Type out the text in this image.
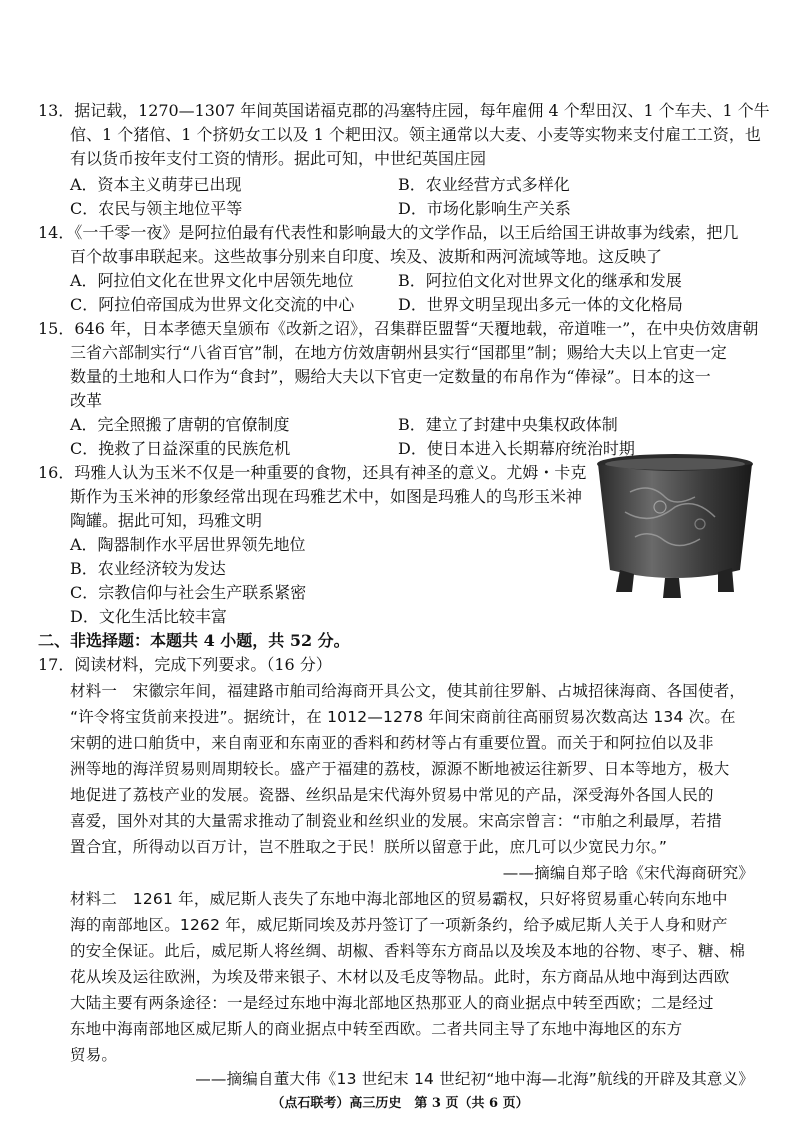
13．据记载，1270—1307 年间英国诺福克郡的冯塞特庄园，每年雇佣 4 个犁田汉、1 个车夫、1 个牛
倌、1 个猪倌、1 个挤奶女工以及 1 个耙田汉。领主通常以大麦、小麦等实物来支付雇工工资，也
有以货币按年支付工资的情形。据此可知，中世纪英国庄园
A．资本主义萌芽已出现	B．农业经营方式多样化
C．农民与领主地位平等	D．市场化影响生产关系
14．《一千零一夜》是阿拉伯最有代表性和影响最大的文学作品，以王后给国王讲故事为线索，把几
百个故事串联起来。这些故事分别来自印度、埃及、波斯和两河流域等地。这反映了
A．阿拉伯文化在世界文化中居领先地位	B．阿拉伯文化对世界文化的继承和发展
C．阿拉伯帝国成为世界文化交流的中心	D．世界文明呈现出多元一体的文化格局
15．646 年，日本孝德天皇颁布《改新之诏》，召集群臣盟誓“天覆地载，帝道唯一”，在中央仿效唐朝
三省六部制实行“八省百官”制，在地方仿效唐朝州县实行“国郡里”制；赐给大夫以上官吏一定
数量的土地和人口作为“食封”，赐给大夫以下官吏一定数量的布帛作为“俸禄”。日本的这一
改革
A．完全照搬了唐朝的官僚制度	B．建立了封建中央集权政体制
C．挽救了日益深重的民族危机	D．使日本进入长期幕府统治时期
16．玛雅人认为玉米不仅是一种重要的食物，还具有神圣的意义。尤姆・卡克
斯作为玉米神的形象经常出现在玛雅艺术中，如图是玛雅人的鸟形玉米神
陶罐。据此可知，玛雅文明
A．陶器制作水平居世界领先地位
B．农业经济较为发达
C．宗教信仰与社会生产联系紧密
D．文化生活比较丰富
二、非选择题：本题共 4 小题，共 52 分。
17．阅读材料，完成下列要求。（16 分）
材料一　宋徽宗年间，福建路市舶司给海商开具公文，使其前往罗斛、占城招徕海商、各国使者，
“许令将宝货前来投进”。据统计，在 1012—1278 年间宋商前往高丽贸易次数高达 134 次。在
宋朝的进口舶货中，来自南亚和东南亚的香料和药材等占有重要位置。而关于和阿拉伯以及非
洲等地的海洋贸易则周期较长。盛产于福建的荔枝，源源不断地被运往新罗、日本等地方，极大
地促进了荔枝产业的发展。瓷器、丝织品是宋代海外贸易中常见的产品，深受海外各国人民的
喜爱，国外对其的大量需求推动了制瓷业和丝织业的发展。宋高宗曾言：“市舶之利最厚，若措
置合宜，所得动以百万计，岂不胜取之于民！朕所以留意于此，庶几可以少宽民力尔。”
——摘编自郑子晗《宋代海商研究》
材料二　1261 年，威尼斯人丧失了东地中海北部地区的贸易霸权，只好将贸易重心转向东地中
海的南部地区。1262 年，威尼斯同埃及苏丹签订了一项新条约，给予威尼斯人关于人身和财产
的安全保证。此后，威尼斯人将丝绸、胡椒、香料等东方商品以及埃及本地的谷物、枣子、糖、棉
花从埃及运往欧洲，为埃及带来银子、木材以及毛皮等物品。此时，东方商品从地中海到达西欧
大陆主要有两条途径：一是经过东地中海北部地区热那亚人的商业据点中转至西欧；二是经过
东地中海南部地区威尼斯人的商业据点中转至西欧。二者共同主导了东地中海地区的东方
贸易。
——摘编自董大伟《13 世纪末 14 世纪初“地中海—北海”航线的开辟及其意义》
（点石联考）高三历史　第 3 页（共 6 页）
